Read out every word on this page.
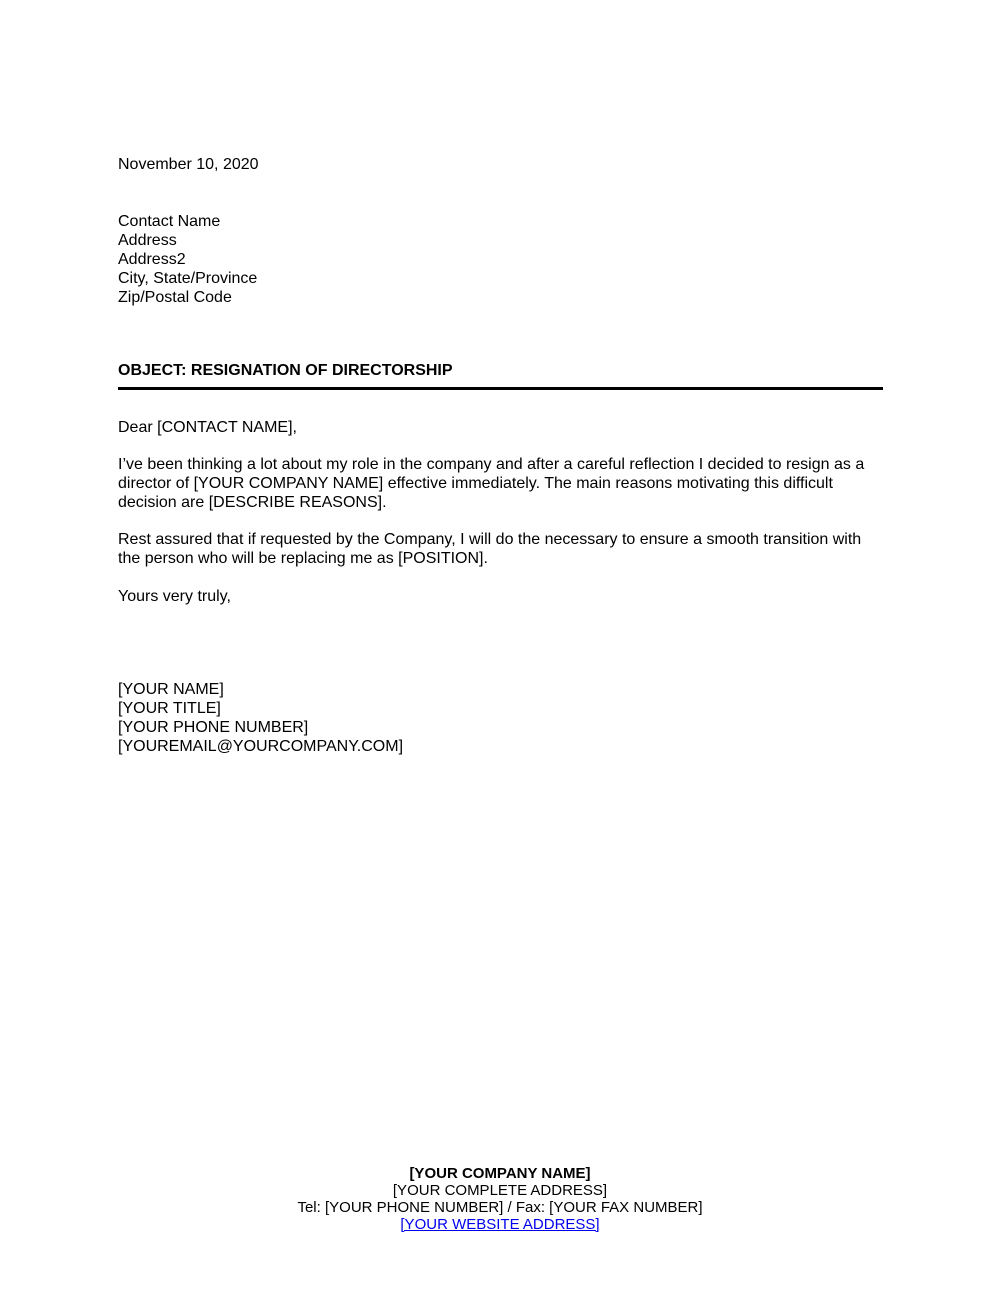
November 10, 2020
Contact Name
Address
Address2
City, State/Province
Zip/Postal Code
OBJECT: RESIGNATION OF DIRECTORSHIP
Dear [CONTACT NAME],
I’ve been thinking a lot about my role in the company and after a careful reflection I decided to resign as a
director of [YOUR COMPANY NAME] effective immediately. The main reasons motivating this difficult
decision are [DESCRIBE REASONS].
Rest assured that if requested by the Company, I will do the necessary to ensure a smooth transition with
the person who will be replacing me as [POSITION].
Yours very truly,
[YOUR NAME]
[YOUR TITLE]
[YOUR PHONE NUMBER]
[YOUREMAIL@YOURCOMPANY.COM]
[YOUR COMPANY NAME]
[YOUR COMPLETE ADDRESS]
Tel: [YOUR PHONE NUMBER] / Fax: [YOUR FAX NUMBER]
[YOUR WEBSITE ADDRESS]
